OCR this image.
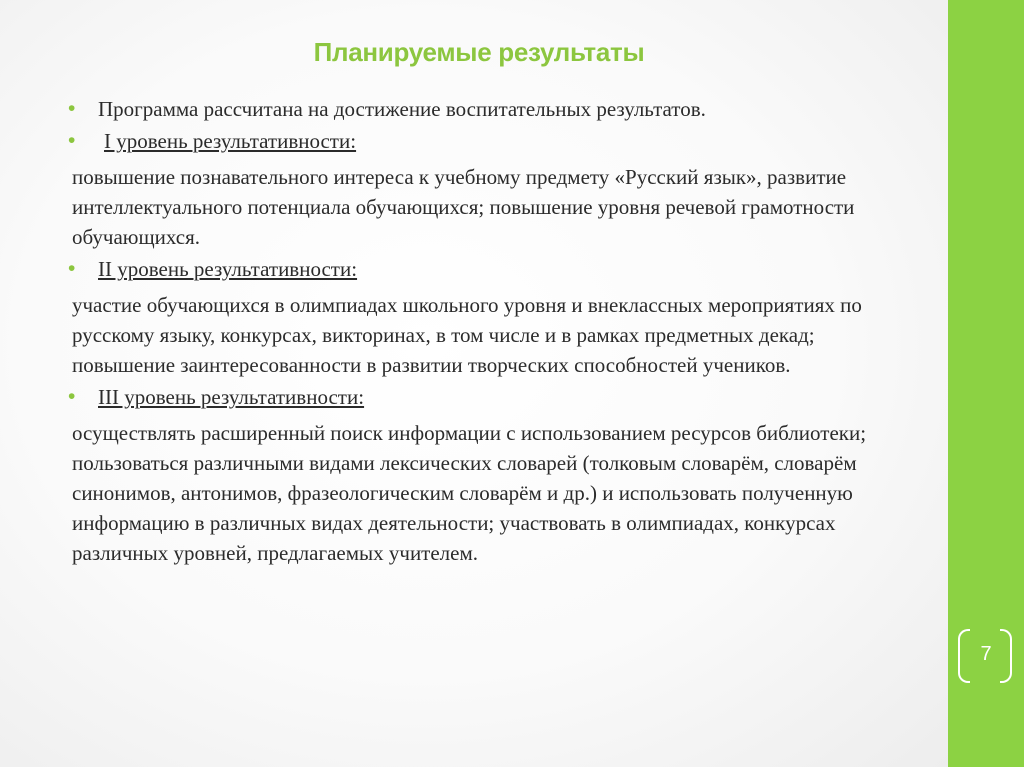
Планируемые результаты
• Программа рассчитана на достижение воспитательных результатов.
• I уровень результативности:
повышение познавательного интереса к учебному предмету «Русский язык», развитие интеллектуального потенциала обучающихся; повышение уровня речевой грамотности обучающихся.
• II уровень результативности:
участие обучающихся в олимпиадах школьного уровня и внеклассных мероприятиях по русскому языку, конкурсах, викторинах, в том числе и в рамках предметных декад;
повышение заинтересованности в развитии творческих способностей учеников.
• III уровень результативности:
осуществлять расширенный поиск информации с использованием ресурсов библиотеки;
пользоваться различными видами лексических словарей (толковым словарём, словарём синонимов, антонимов, фразеологическим словарём и др.) и использовать полученную информацию в различных видах деятельности; участвовать в олимпиадах, конкурсах различных уровней, предлагаемых учителем.
7
